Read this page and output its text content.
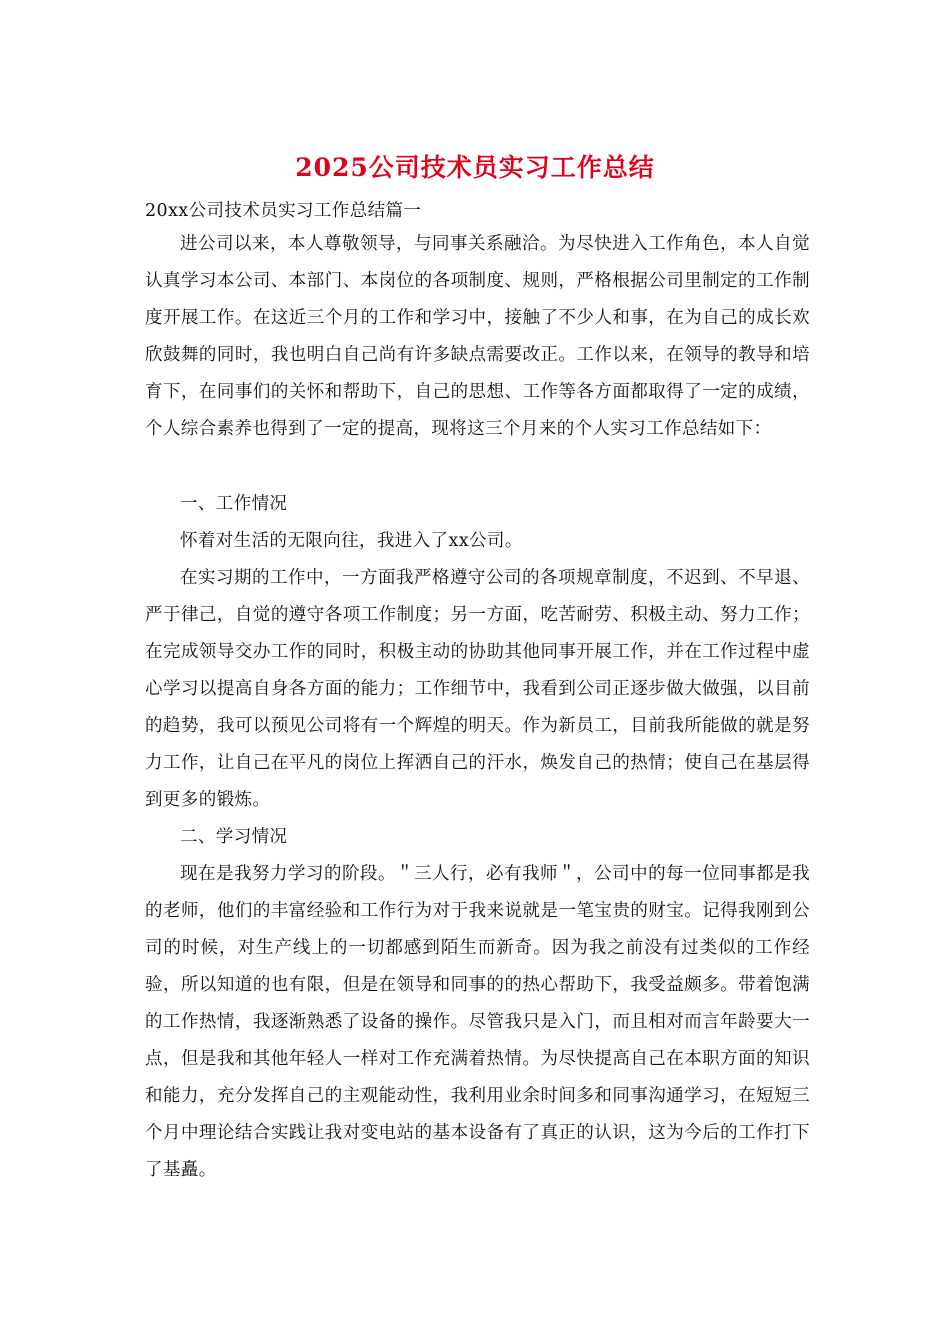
2025公司技术员实习工作总结

20xx公司技术员实习工作总结篇一

进公司以来，本人尊敬领导，与同事关系融洽。为尽快进入工作角色，本人自觉认真学习本公司、本部门、本岗位的各项制度、规则，严格根据公司里制定的工作制度开展工作。在这近三个月的工作和学习中，接触了不少人和事，在为自己的成长欢欣鼓舞的同时，我也明白自己尚有许多缺点需要改正。工作以来，在领导的教导和培育下，在同事们的关怀和帮助下，自己的思想、工作等各方面都取得了一定的成绩，个人综合素养也得到了一定的提高，现将这三个月来的个人实习工作总结如下：

一、工作情况

怀着对生活的无限向往，我进入了xx公司。

在实习期的工作中，一方面我严格遵守公司的各项规章制度，不迟到、不早退、严于律己，自觉的遵守各项工作制度；另一方面，吃苦耐劳、积极主动、努力工作；在完成领导交办工作的同时，积极主动的协助其他同事开展工作，并在工作过程中虚心学习以提高自身各方面的能力；工作细节中，我看到公司正逐步做大做强，以目前的趋势，我可以预见公司将有一个辉煌的明天。作为新员工，目前我所能做的就是努力工作，让自己在平凡的岗位上挥洒自己的汗水，焕发自己的热情；使自己在基层得到更多的锻炼。

二、学习情况

现在是我努力学习的阶段。＂三人行，必有我师＂，公司中的每一位同事都是我的老师，他们的丰富经验和工作行为对于我来说就是一笔宝贵的财宝。记得我刚到公司的时候，对生产线上的一切都感到陌生而新奇。因为我之前没有过类似的工作经验，所以知道的也有限，但是在领导和同事的的热心帮助下，我受益颇多。带着饱满的工作热情，我逐渐熟悉了设备的操作。尽管我只是入门，而且相对而言年龄要大一点，但是我和其他年轻人一样对工作充满着热情。为尽快提高自己在本职方面的知识和能力，充分发挥自己的主观能动性，我利用业余时间多和同事沟通学习，在短短三个月中理论结合实践让我对变电站的基本设备有了真正的认识，这为今后的工作打下了基矗。
